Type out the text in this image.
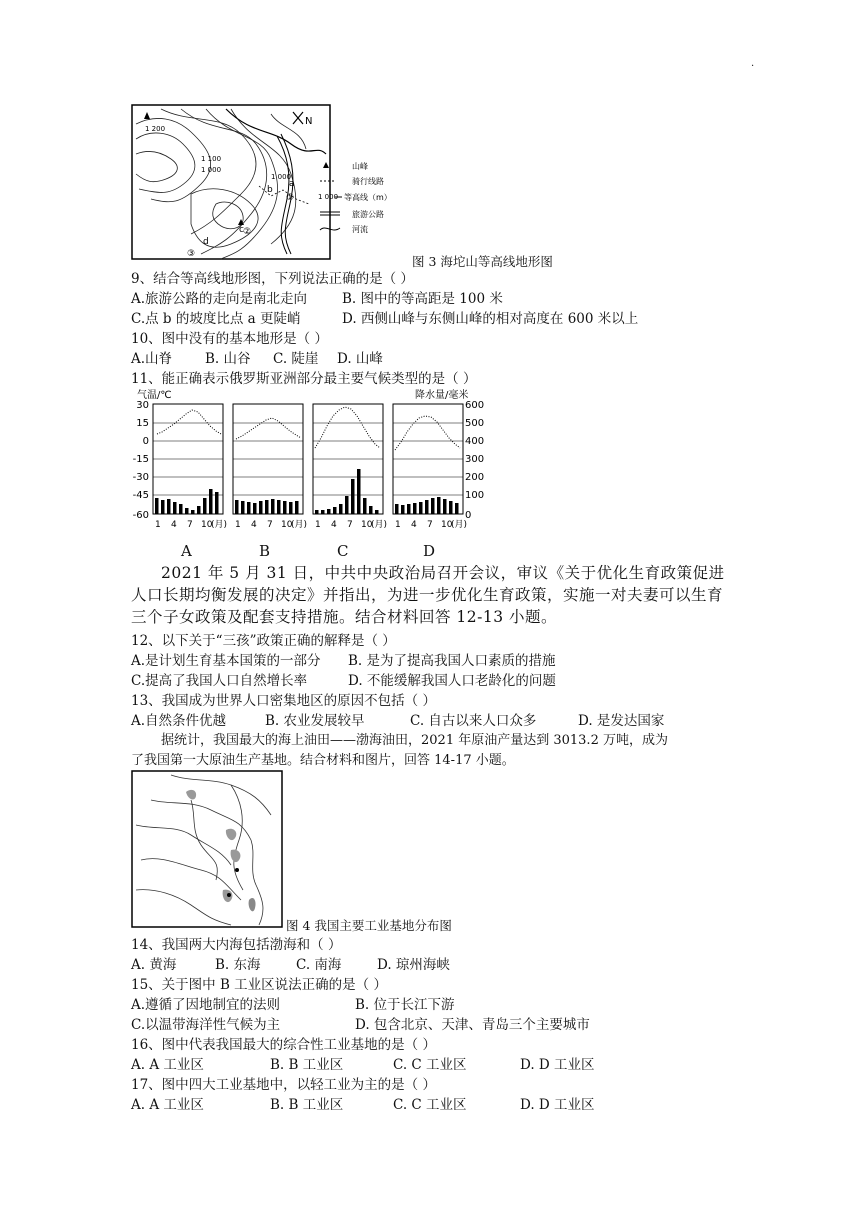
.
1 200
1 100
1 000
1 000
a
b
c
d
①
②
③
N
山峰
骑行线路
1 000 等高线（m）
旅游公路
河流
图 3 海坨山等高线地形图
9、结合等高线地形图，下列说法正确的是（ ）
A.旅游公路的走向是南北走向	B. 图中的等高距是 100 米
C.点 b 的坡度比点 a 更陡峭	D. 西侧山峰与东侧山峰的相对高度在 600 米以上
10、图中没有的基本地形是（ ）
A.山脊 B. 山谷 C. 陡崖 D. 山峰
11、能正确表示俄罗斯亚洲部分最主要气候类型的是（ ）
气温/℃	降水量/毫米
30
15
0
-15
-30
-45
-60
600
500
400
300
200
100
0
1 4 7 10
(月) 1 4 7 10
(月) 1 4 7 10
(月) 1 4 7 10
(月)
A	B	C	D
2021 年 5 月 31 日，中共中央政治局召开会议，审议《关于优化生育政策促进人口长期均衡发展的决定》并指出，为进一步优化生育政策，实施一对夫妻可以生育三个子女政策及配套支持措施。结合材料回答 12-13 小题。
12、以下关于“三孩”政策正确的解释是（ ）
A.是计划生育基本国策的一部分 B. 是为了提高我国人口素质的措施
C.提高了我国人口自然增长率	D. 不能缓解我国人口老龄化的问题
13、我国成为世界人口密集地区的原因不包括（ ）
A.自然条件优越	B. 农业发展较早	C. 自古以来人口众多	D. 是发达国家
据统计，我国最大的海上油田——渤海油田，2021 年原油产量达到 3013.2 万吨，成为
了我国第一大原油生产基地。结合材料和图片，回答 14-17 小题。
图 4 我国主要工业基地分布图
14、我国两大内海包括渤海和（ ）
A. 黄海	B. 东海	C. 南海	D. 琼州海峡
15、关于图中 B 工业区说法正确的是（ ）
A.遵循了因地制宜的法则	B. 位于长江下游
C.以温带海洋性气候为主	D. 包含北京、天津、青岛三个主要城市
16、图中代表我国最大的综合性工业基地的是（ ）
A. A 工业区	B. B 工业区	C. C 工业区	D. D 工业区
17、图中四大工业基地中，以轻工业为主的是（ ）
A. A 工业区	B. B 工业区	C. C 工业区	D. D 工业区
